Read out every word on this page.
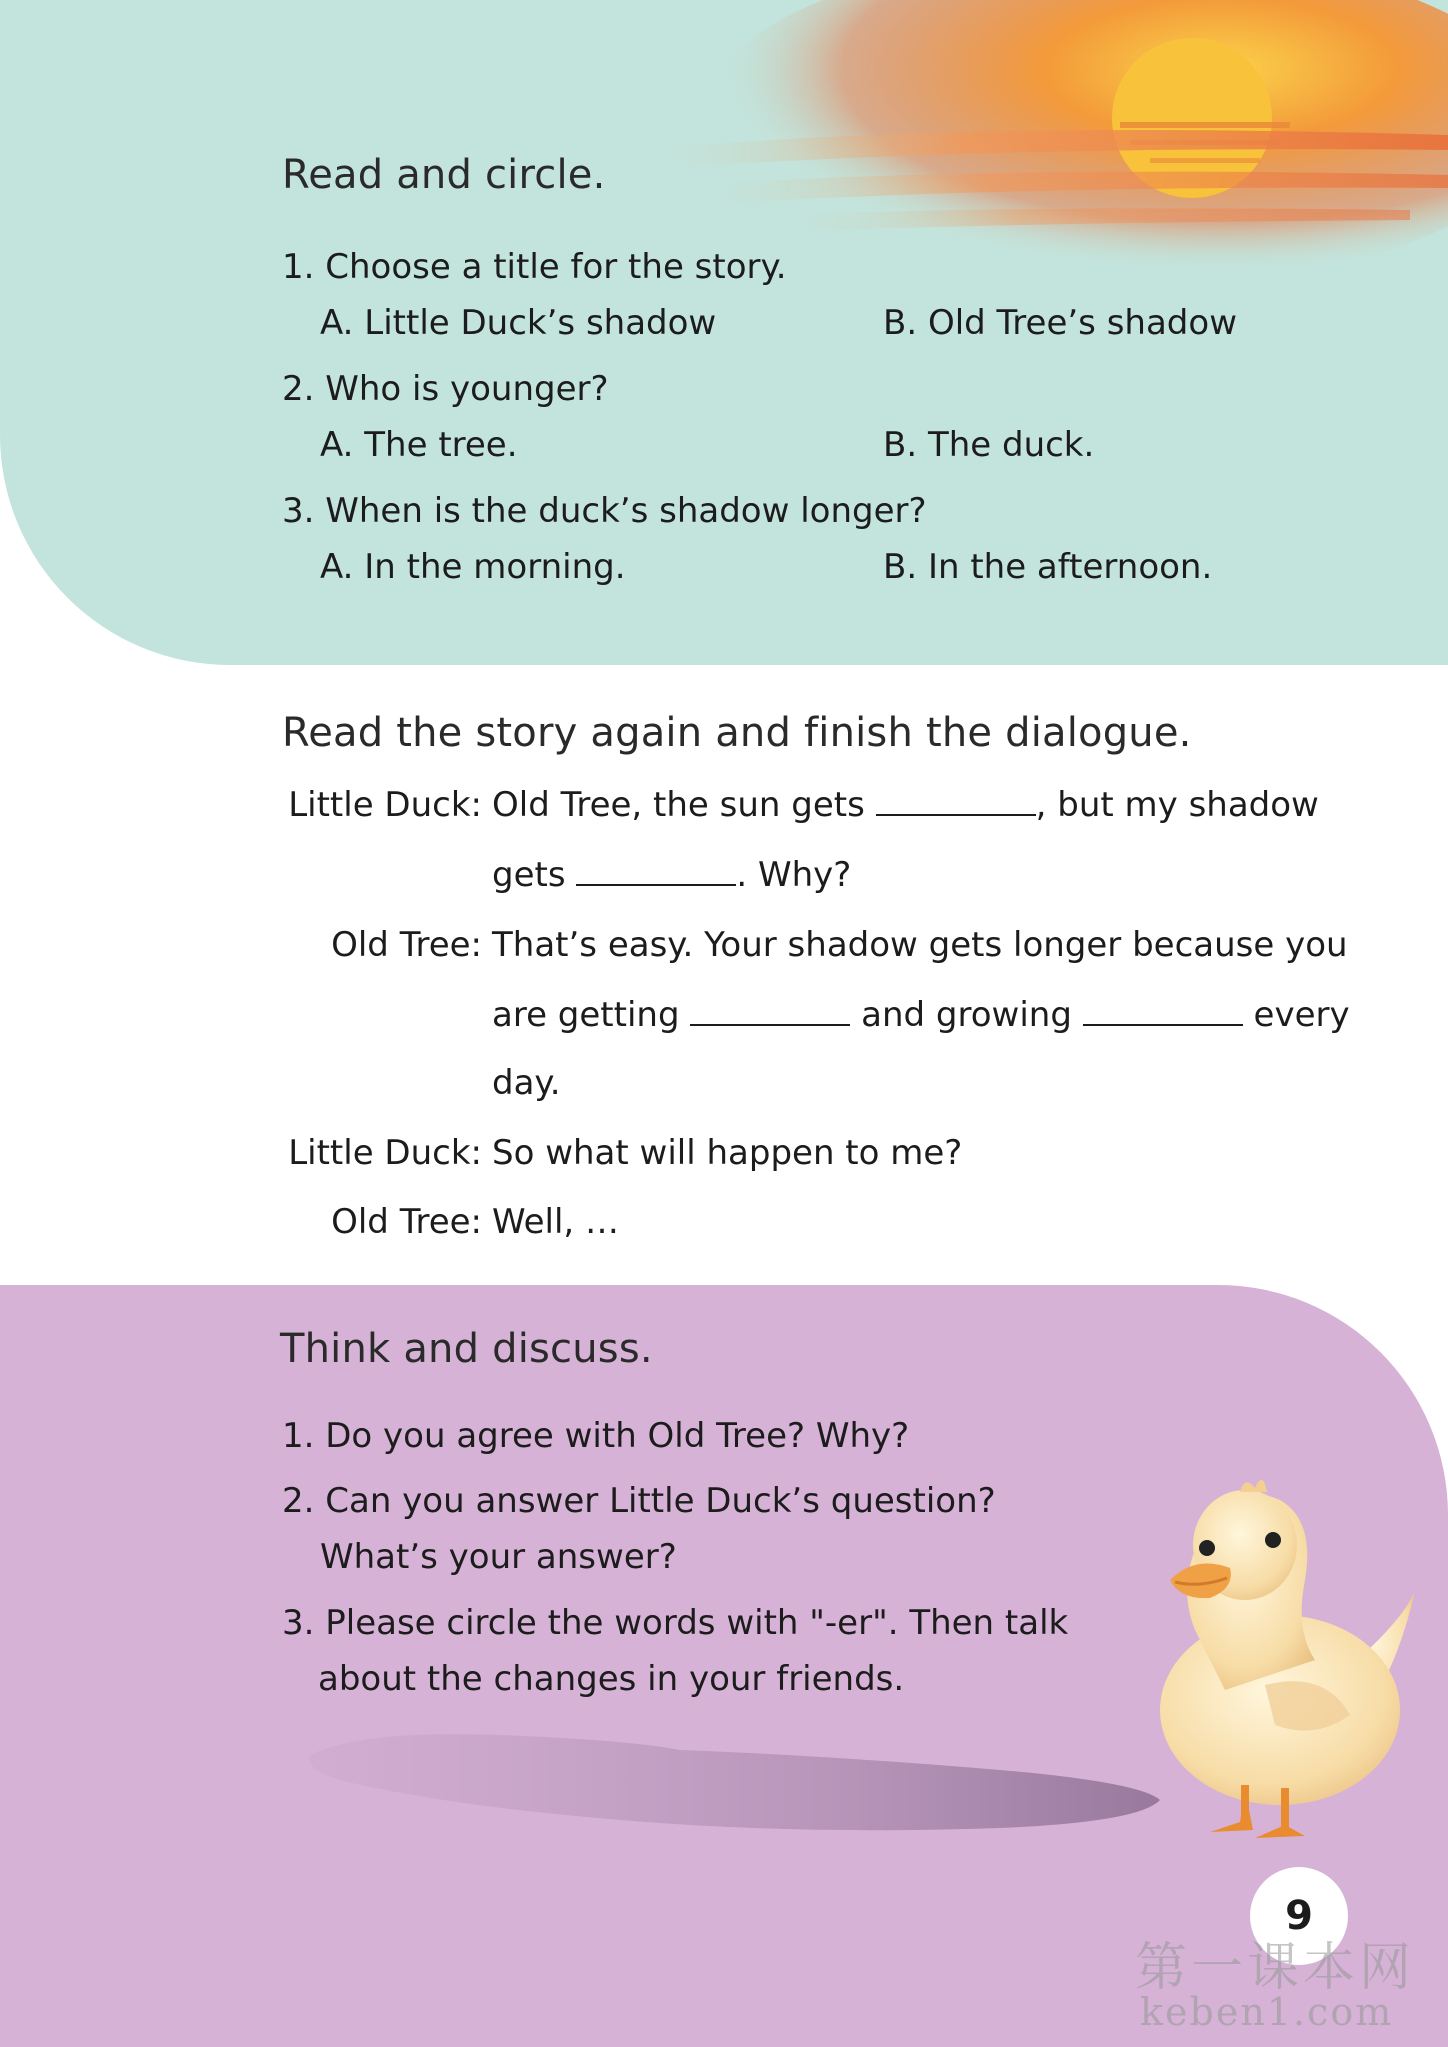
Read and circle.

1. Choose a title for the story.

A. Little Duck’s shadow	B. Old Tree’s shadow

2. Who is younger?

A. The tree.	B. The duck.

3. When is the duck’s shadow longer?

A. In the morning.	B. In the afternoon.

Read the story again and finish the dialogue.
Little Duck: Old Tree, the sun gets	, but my shadow
gets	. Why?
Old Tree: That’s easy. Your shadow gets longer because you
are getting	and growing	every
day.
Little Duck: So what will happen to me?
Old Tree: Well, …
Think and discuss.

1. Do you agree with Old Tree? Why?

2. Can you answer Little Duck’s question?

What’s your answer?

3. Please circle the words with "-er". Then talk

about the changes in your friends.

9
第一课本网
keben1.com
